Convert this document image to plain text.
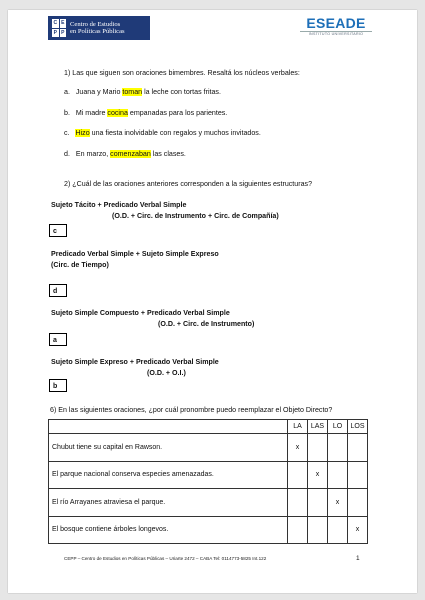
C E
P P
Centro de Estudios
en Políticas Públicas
ESEADE
INSTITUTO UNIVERSITARIO
1) Las que siguen son oraciones bimembres. Resaltá los núcleos verbales:
a. Juana y Mario toman la leche con tortas fritas.
b. Mi madre cocina empanadas para los parientes.
c. Hizo una fiesta inolvidable con regalos y muchos invitados.
d. En marzo, comenzaban las clases.
2) ¿Cuál de las oraciones anteriores corresponden a la siguientes estructuras?
Sujeto Tácito + Predicado Verbal Simple
(O.D. + Circ. de Instrumento + Circ. de Compañía)
c
Predicado Verbal Simple + Sujeto Simple Expreso
(Circ. de Tiempo)
d
Sujeto Simple Compuesto + Predicado Verbal Simple
(O.D. + Circ. de Instrumento)
a
Sujeto Simple Expreso + Predicado Verbal Simple
(O.D. + O.I.)
b
6) En las siguientes oraciones, ¿por cuál pronombre puedo reemplazar el Objeto Directo?
	LA	LAS	LO	LOS
Chubut tiene su capital en Rawson.	x			
El parque nacional conserva especies amenazadas.		x		
El río Arrayanes atraviesa el parque.			x	
El bosque contiene árboles longevos.				x
CEPP – Centro de Estudios en Políticas Públicas – Uriarte 2472 – CABA Tel: 0114773-5825 Int.122	1
